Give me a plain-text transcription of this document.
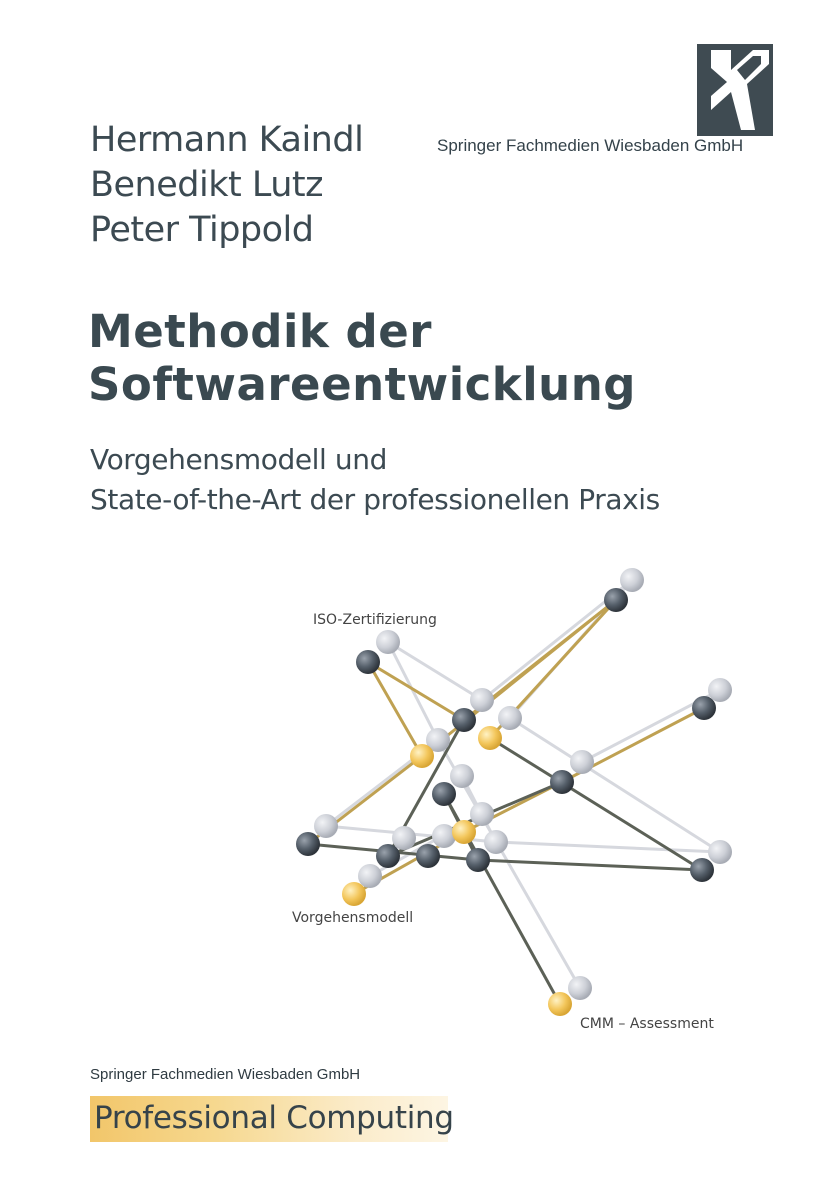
Springer Fachmedien Wiesbaden GmbH
Hermann Kaindl
Benedikt Lutz
Peter Tippold
Methodik der
Softwareentwicklung
Vorgehensmodell und
State-of-the-Art der professionellen Praxis
ISO-Zertifizierung
Vorgehensmodell
CMM – Assessment
Springer Fachmedien Wiesbaden GmbH
Professional Computing
